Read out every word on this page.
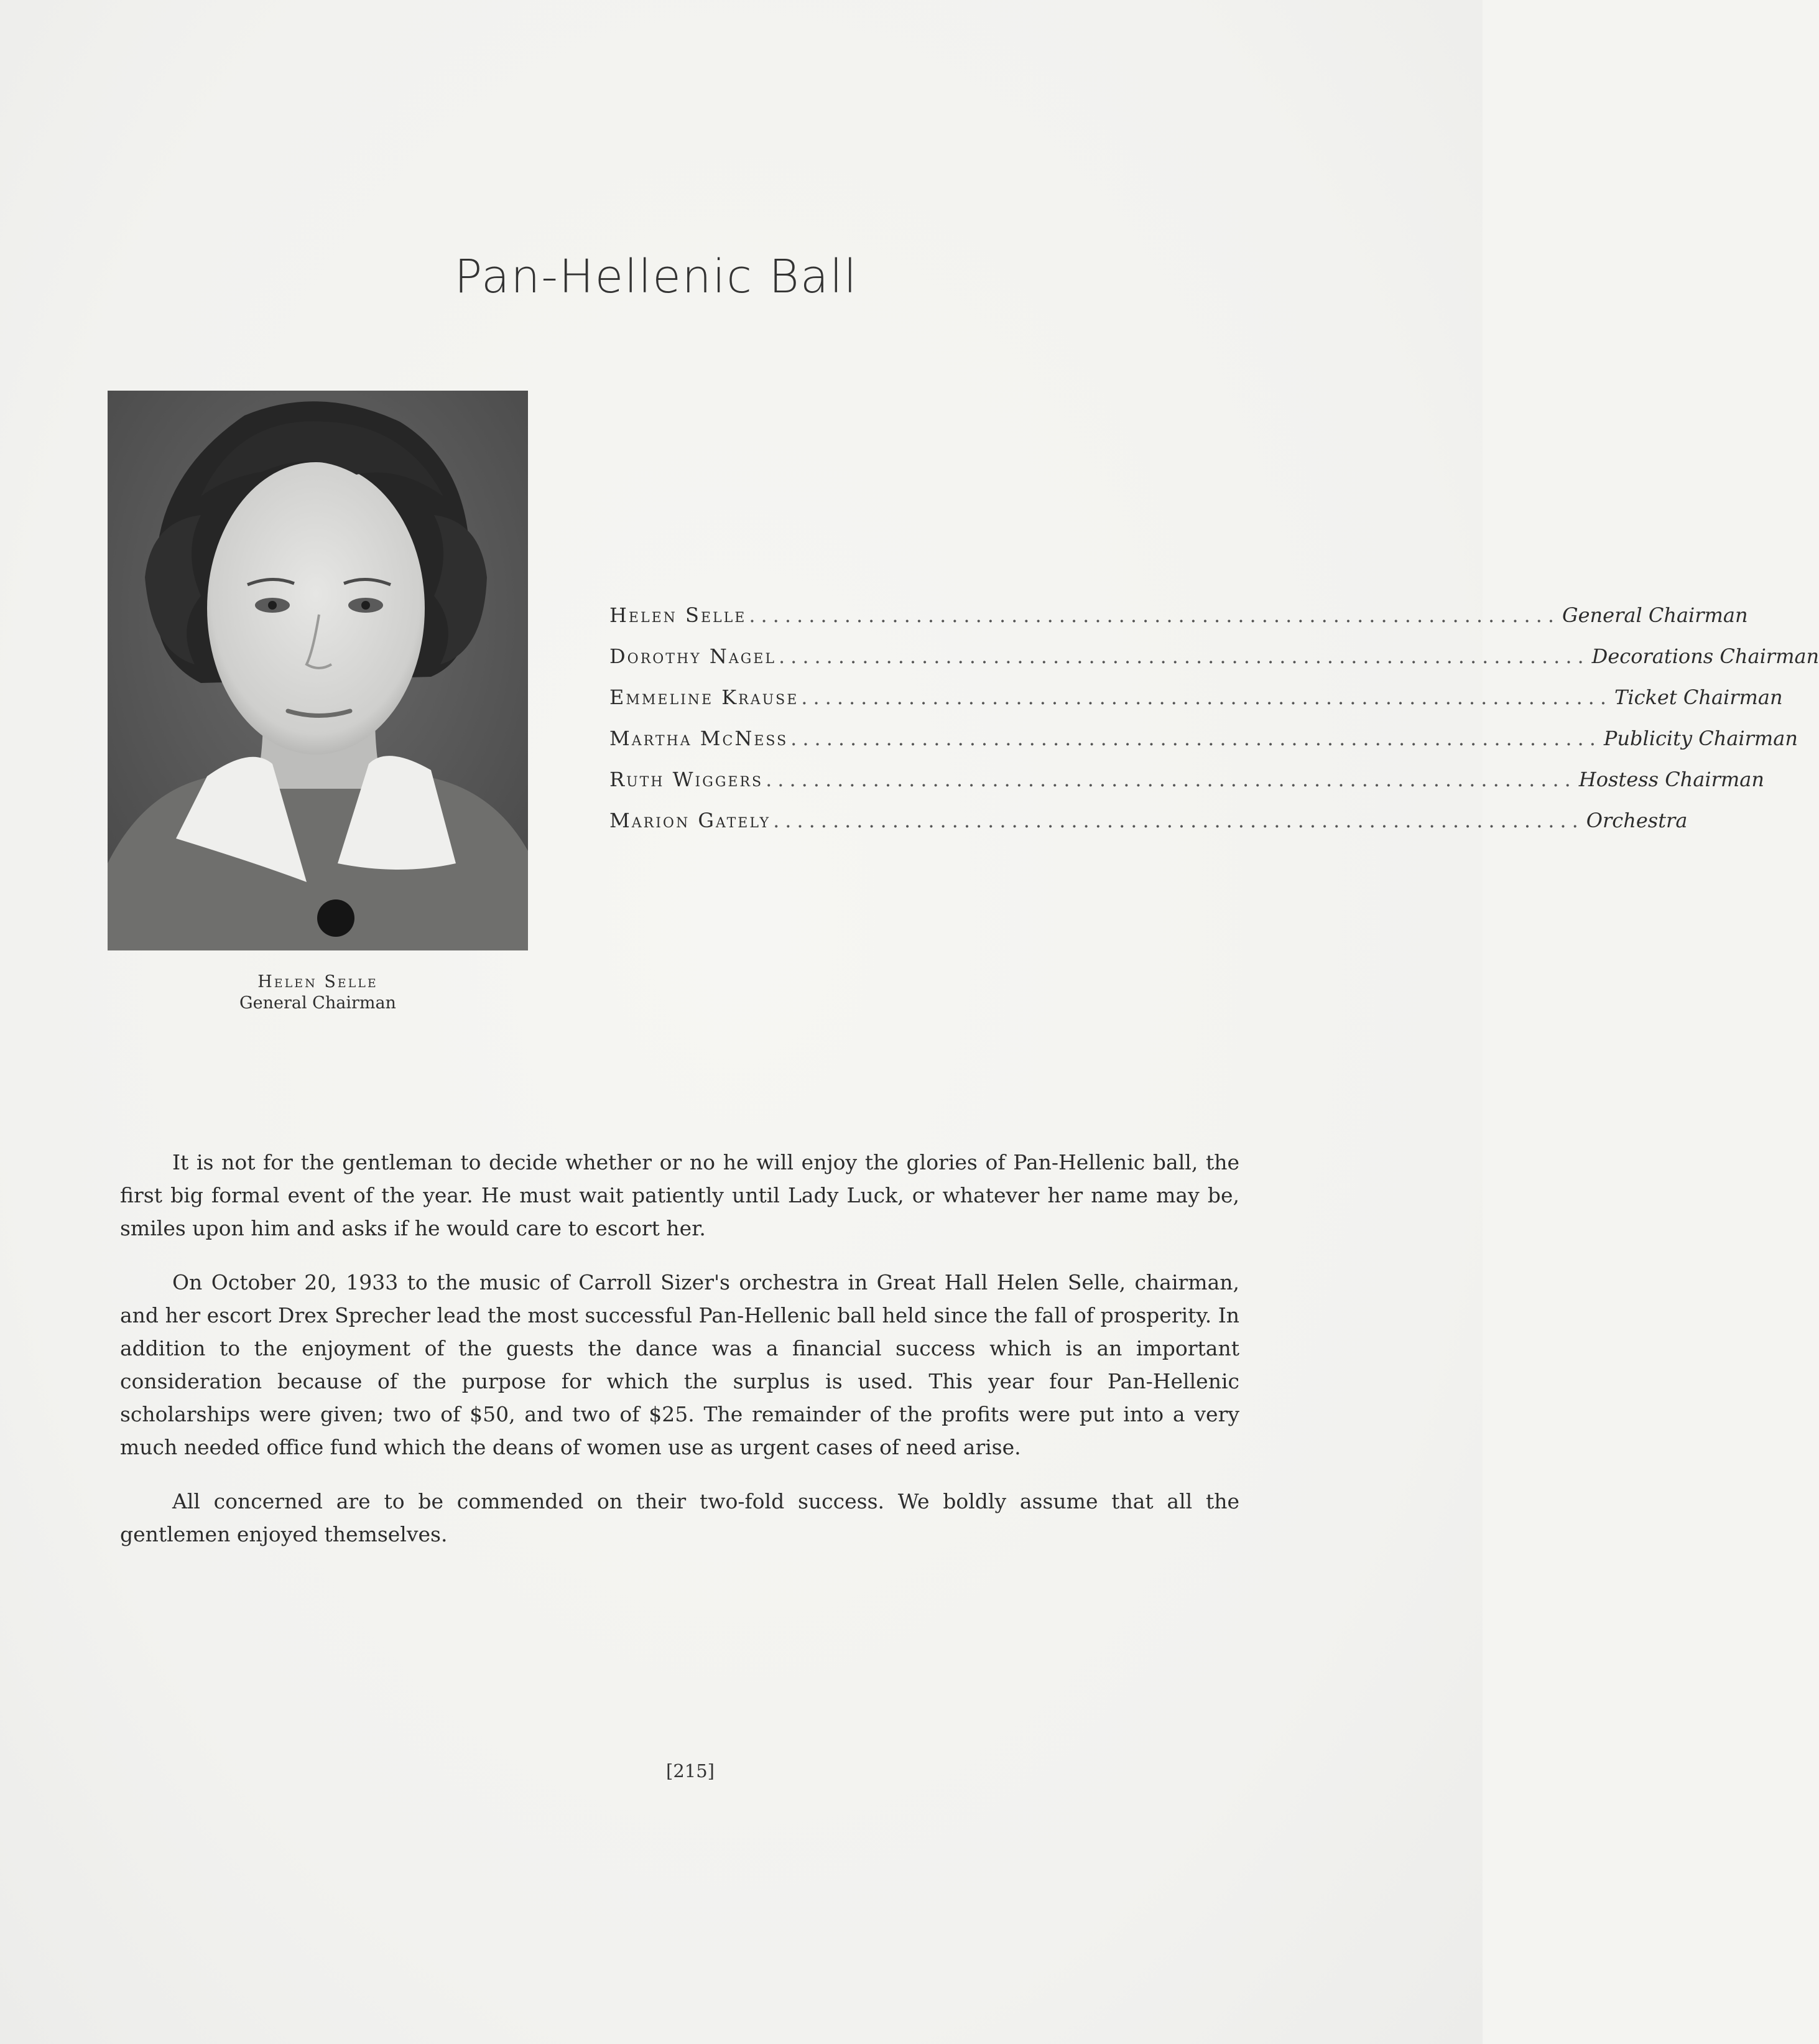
Pan-Hellenic Ball
Helen Selle
General Chairman
Helen Selle .................................................................... General Chairman
Dorothy Nagel .................................................................... Decorations Chairman
Emmeline Krause .................................................................... Ticket Chairman
Martha McNess .................................................................... Publicity Chairman
Ruth Wiggers .................................................................... Hostess Chairman
Marion Gately .................................................................... Orchestra

It is not for the gentleman to decide whether or no he will enjoy the glories of Pan-Hellenic ball, the first big formal event of the year. He must wait patiently until Lady Luck, or whatever her name may be, smiles upon him and asks if he would care to escort her.

On October 20, 1933 to the music of Carroll Sizer's orchestra in Great Hall Helen Selle, chairman, and her escort Drex Sprecher lead the most successful Pan-Hellenic ball held since the fall of prosperity. In addition to the enjoyment of the guests the dance was a financial success which is an important consideration because of the purpose for which the surplus is used. This year four Pan-Hellenic scholarships were given; two of $50, and two of $25. The remainder of the profits were put into a very much needed office fund which the deans of women use as urgent cases of need arise.

All concerned are to be commended on their two-fold success. We boldly assume that all the gentlemen enjoyed themselves.

[215]
